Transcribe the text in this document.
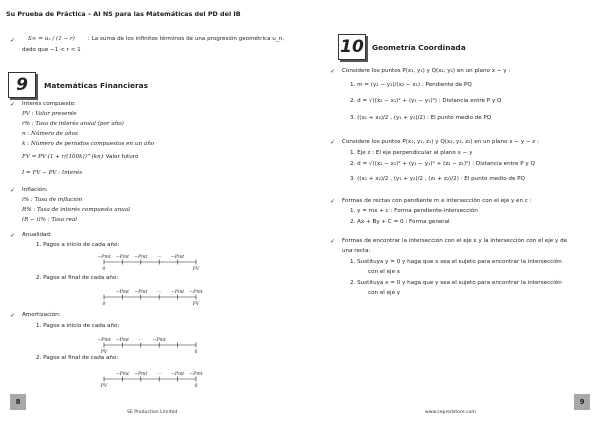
Su Prueba de Práctica – AI NS para las Matemáticas del PD del IB
✓ S∞ = u₁ / (1 − r) : La suma de los infinitos términos de una progresión geométrica u_n,
dado que −1 < r < 1
9	Matemáticas Financieras
✓ Interés compuesto:
PV : Valor presente
r% : Tasa de interés anual (por año)
n : Número de años
k : Número de períodos compuestos en un año
FV = PV (1 + r/(100k))^(kn) : Valor futuro
I = FV − PV : Interés
✓ Inflación:
i% : Tasa de inflación
R% : Tasa de interés compuesta anual
(R − i)% : Tasa real
✓ Anualidad:
1. Pagos a inicio de cada año:
−Pmt −Pmt −Pmt ··· −Pmt
0	FV
−Pmt −Pmt ··· −Pmt −Pmt
0	FV
−Pmt −Pmt ··· −Pmt
PV	0
−Pmt −Pmt ··· −Pmt −Pmt
PV	0
2. Pagos al final de cada año:
✓ Amortización:
1. Pagos a inicio de cada año:
2. Pagos al final de cada año:
8
SE Production Limited
10 Geometría Coordinada
✓ Considere los puntos P(x₁, y₁) y Q(x₂, y₂) en un plano x − y :
1. m = (y₂ − y₁)/(x₂ − x₁) : Pendiente de PQ
2. d = √((x₂ − x₁)² + (y₂ − y₁)²) : Distancia entre P y Q
3. ((x₁ + x₂)/2 , (y₁ + y₂)/2) : El punto medio de PQ
✓ Considere los puntos P(x₁, y₁, z₁) y Q(x₂, y₂, z₂) en un plano x − y − z :
1. Eje z : El eje perpendicular al plano x − y
2. d = √((x₂ − x₁)² + (y₂ − y₁)² + (z₂ − z₁)²) : Distancia entre P y Q
3. ((x₁ + x₂)/2 , (y₁ + y₂)/2 , (z₁ + z₂)/2) : El punto medio de PQ
✓ Formas de rectas con pendiente m e intersección con el eje y en c :
1. y = mx + c : Forma pendiente-intersección
2. Ax + By + C = 0 : Forma general
✓ Formas de encontrar la intersección con el eje x y la intersección con el eje y de
una recta:
1. Sustituya y = 0 y haga que x sea el sujeto para encontrar la intersección
con el eje x
2. Sustituya x = 0 y haga que y sea el sujeto para encontrar la intersección
con el eje y
9
www.seprodstore.com
